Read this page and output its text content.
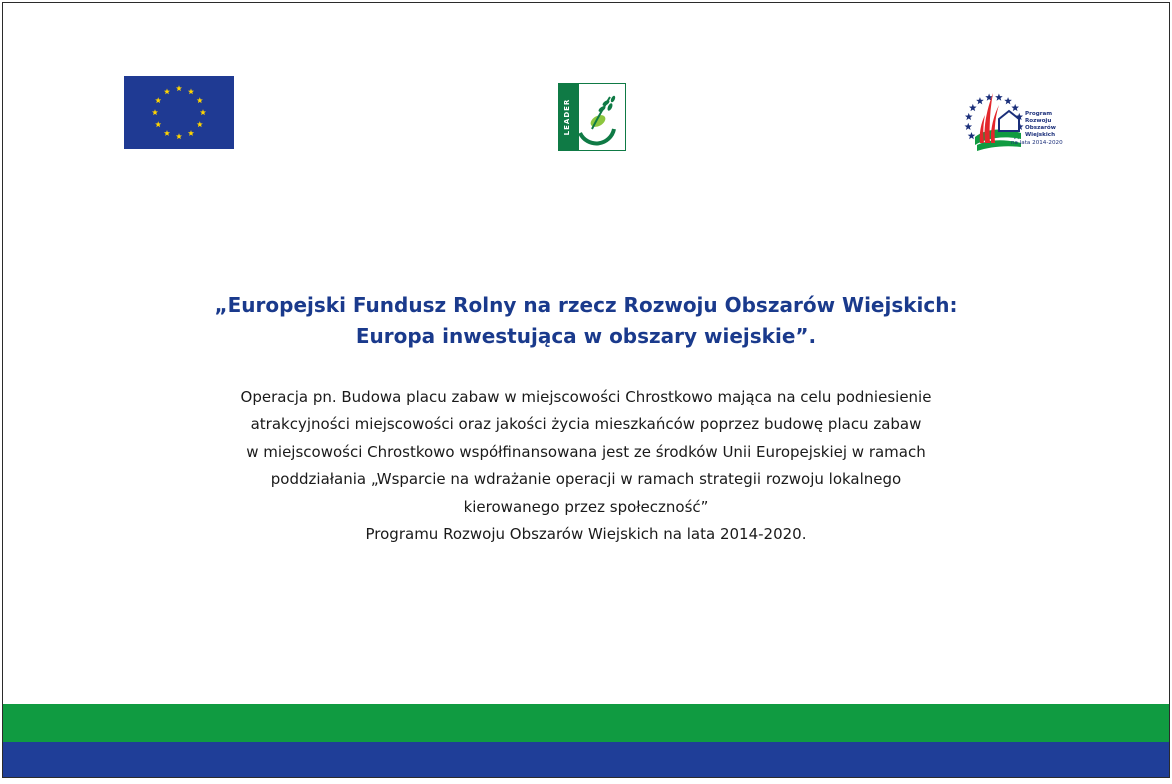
LEADER	Program
Rozwoju
Obszarów
Wiejskich
na lata 2014-2020
„Europejski Fundusz Rolny na rzecz Rozwoju Obszarów Wiejskich:
Europa inwestująca w obszary wiejskie”.

Operacja pn. Budowa placu zabaw w miejscowości Chrostkowo mająca na celu podniesienie
atrakcyjności miejscowości oraz jakości życia mieszkańców poprzez budowę placu zabaw
w miejscowości Chrostkowo współfinansowana jest ze środków Unii Europejskiej w ramach
poddziałania „Wsparcie na wdrażanie operacji w ramach strategii rozwoju lokalnego
kierowanego przez społeczność”
Programu Rozwoju Obszarów Wiejskich na lata 2014-2020.
